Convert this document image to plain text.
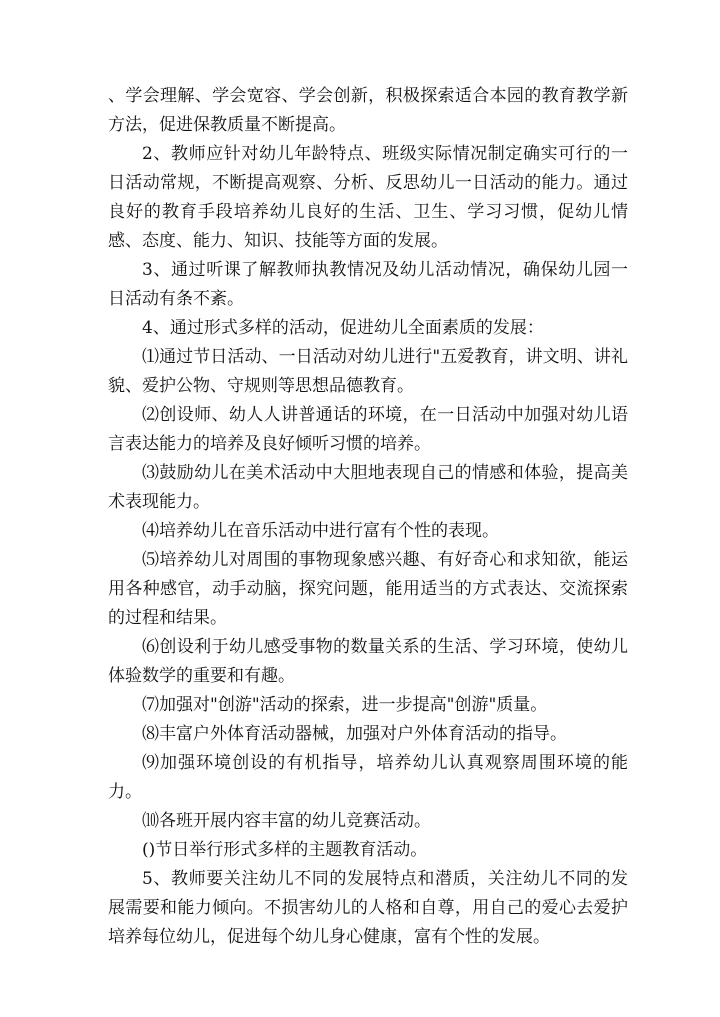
、学会理解、学会宽容、学会创新，积极探索适合本园的教育教学新方法，促进保教质量不断提高。

2、教师应针对幼儿年龄特点、班级实际情况制定确实可行的一日活动常规，不断提高观察、分析、反思幼儿一日活动的能力。通过良好的教育手段培养幼儿良好的生活、卫生、学习习惯，促幼儿情感、态度、能力、知识、技能等方面的发展。

3、通过听课了解教师执教情况及幼儿活动情况，确保幼儿园一日活动有条不紊。

4、通过形式多样的活动，促进幼儿全面素质的发展：

⑴通过节日活动、一日活动对幼儿进行"五爱教育，讲文明、讲礼貌、爱护公物、守规则等思想品德教育。

⑵创设师、幼人人讲普通话的环境，在一日活动中加强对幼儿语言表达能力的培养及良好倾听习惯的培养。

⑶鼓励幼儿在美术活动中大胆地表现自己的情感和体验，提高美术表现能力。

⑷培养幼儿在音乐活动中进行富有个性的表现。

⑸培养幼儿对周围的事物现象感兴趣、有好奇心和求知欲，能运用各种感官，动手动脑，探究问题，能用适当的方式表达、交流探索的过程和结果。

⑹创设利于幼儿感受事物的数量关系的生活、学习环境，使幼儿体验数学的重要和有趣。

⑺加强对"创游"活动的探索，进一步提高"创游"质量。

⑻丰富户外体育活动器械，加强对户外体育活动的指导。

⑼加强环境创设的有机指导，培养幼儿认真观察周围环境的能力。

⑽各班开展内容丰富的幼儿竞赛活动。

()节日举行形式多样的主题教育活动。

5、教师要关注幼儿不同的发展特点和潜质，关注幼儿不同的发展需要和能力倾向。不损害幼儿的人格和自尊，用自己的爱心去爱护培养每位幼儿，促进每个幼儿身心健康，富有个性的发展。
